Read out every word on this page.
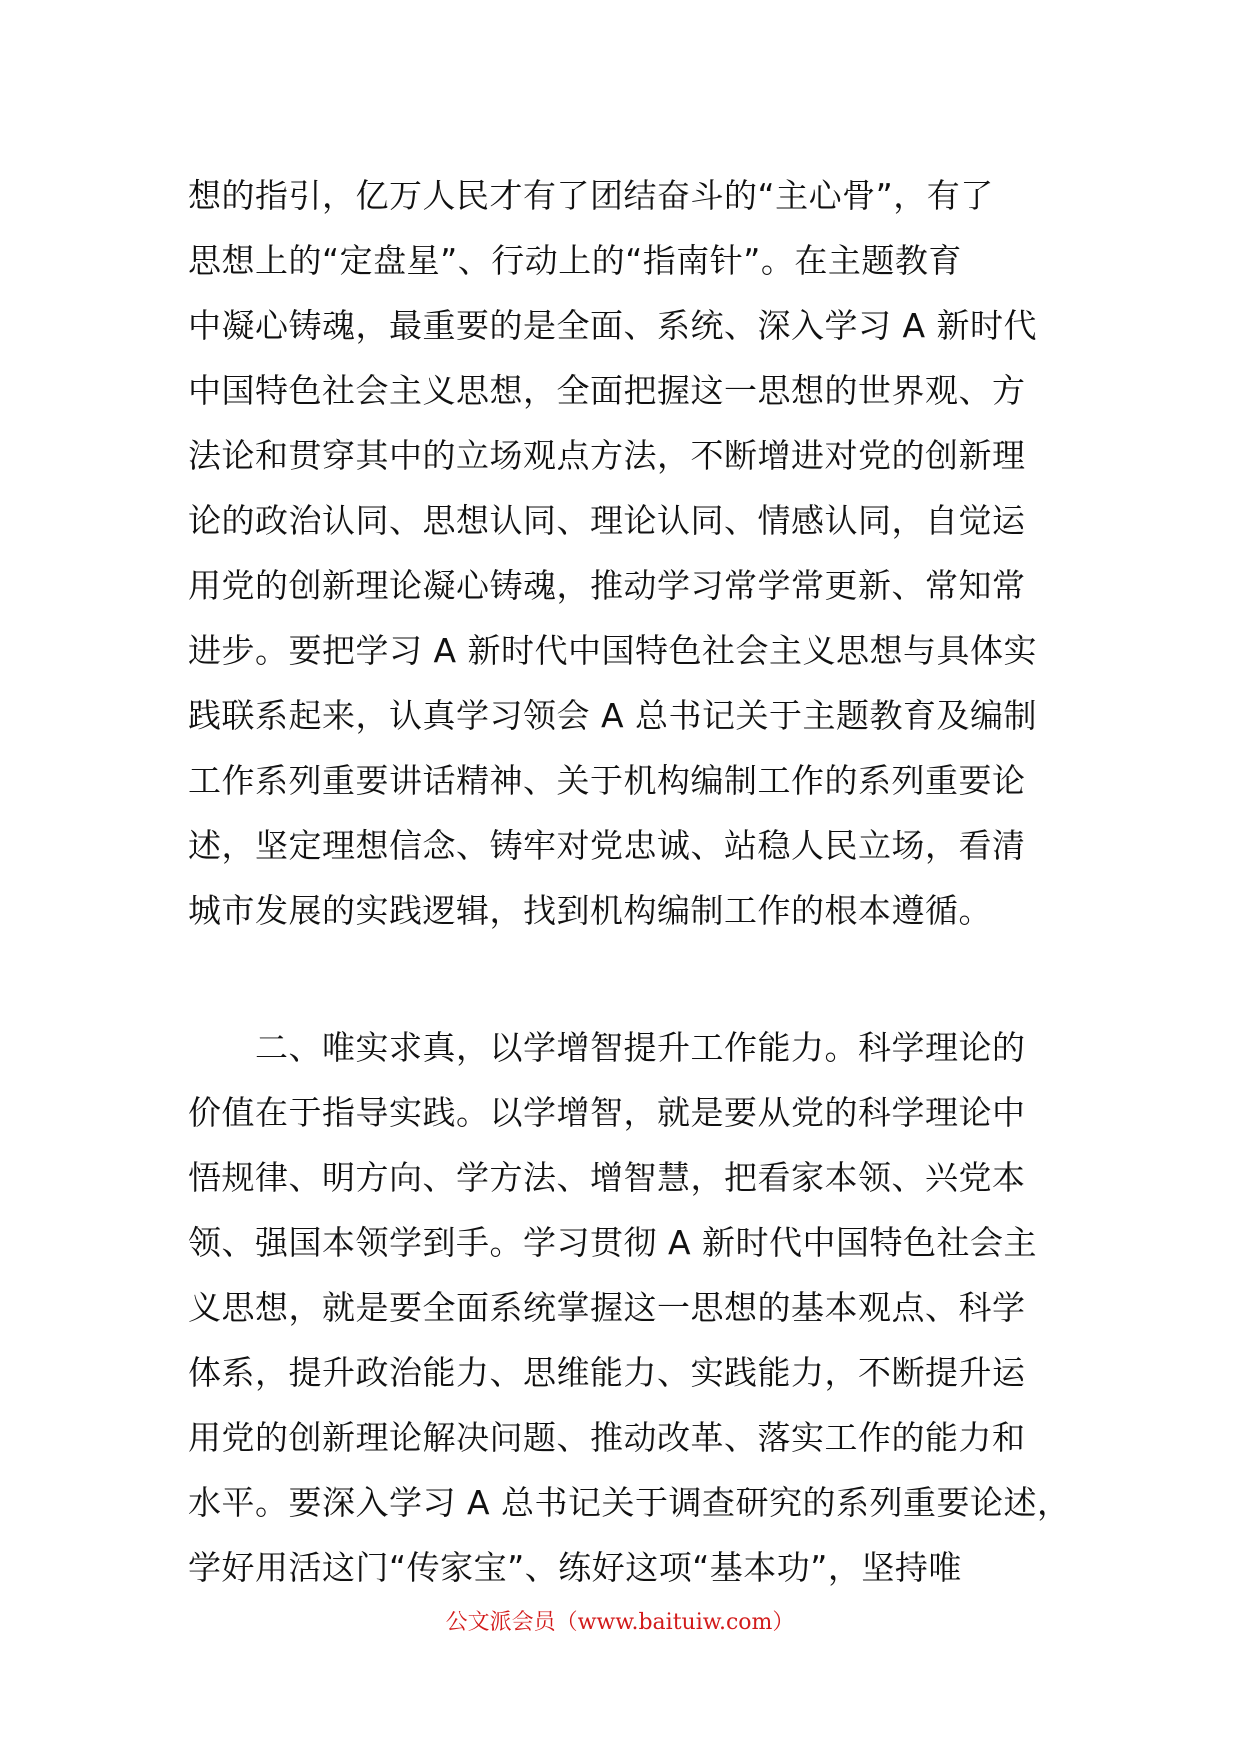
想的指引，亿万人民才有了团结奋斗的“主心骨”，有了
思想上的“定盘星”、行动上的“指南针”。在主题教育
中凝心铸魂，最重要的是全面、系统、深入学习 A 新时代
中国特色社会主义思想，全面把握这一思想的世界观、方
法论和贯穿其中的立场观点方法，不断增进对党的创新理
论的政治认同、思想认同、理论认同、情感认同，自觉运
用党的创新理论凝心铸魂，推动学习常学常更新、常知常
进步。要把学习 A 新时代中国特色社会主义思想与具体实
践联系起来，认真学习领会 A 总书记关于主题教育及编制
工作系列重要讲话精神、关于机构编制工作的系列重要论
述，坚定理想信念、铸牢对党忠诚、站稳人民立场，看清
城市发展的实践逻辑，找到机构编制工作的根本遵循。
　　二、唯实求真，以学增智提升工作能力。科学理论的
价值在于指导实践。以学增智，就是要从党的科学理论中
悟规律、明方向、学方法、增智慧，把看家本领、兴党本
领、强国本领学到手。学习贯彻 A 新时代中国特色社会主
义思想，就是要全面系统掌握这一思想的基本观点、科学
体系，提升政治能力、思维能力、实践能力，不断提升运
用党的创新理论解决问题、推动改革、落实工作的能力和
水平。要深入学习 A 总书记关于调查研究的系列重要论述，
学好用活这门“传家宝”、练好这项“基本功”，坚持唯
公文派会员（www.baituiw.com）
